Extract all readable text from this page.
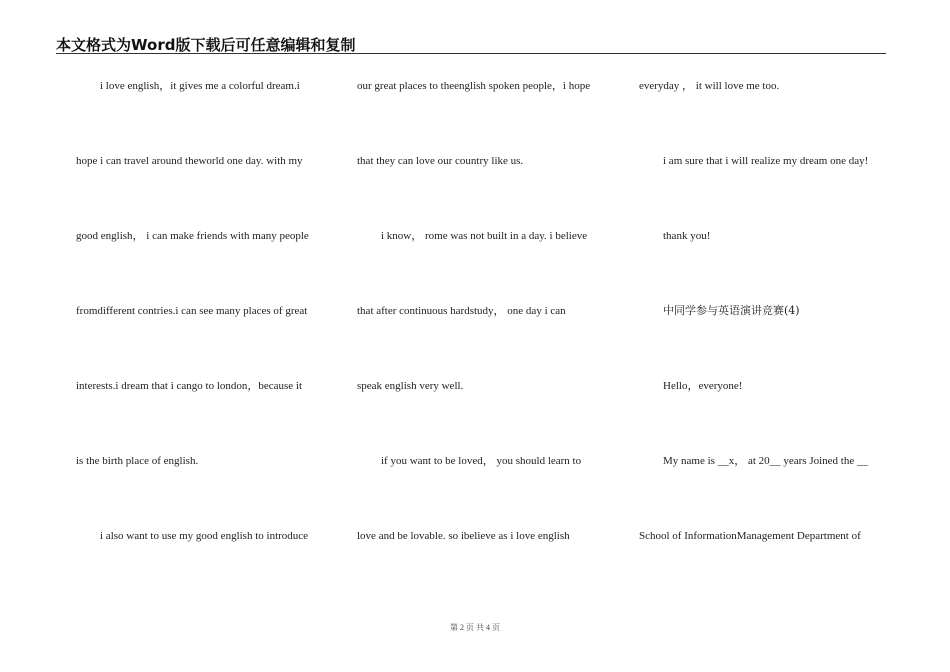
本文格式为Word版下载后可任意编辑和复制
i love english，it gives me a colorful dream.i
hope i can travel around theworld one day. with my
good english， i can make friends with many people
fromdifferent contries.i can see many places of great
interests.i dream that i cango to london，because it
is the birth place of english.
i also want to use my good english to introduce
our great places to theenglish spoken people，i hope
that they can love our country like us.
i know， rome was not built in a day. i believe
that after continuous hardstudy， one day i can
speak english very well.
if you want to be loved， you should learn to
love and be lovable. so ibelieve as i love english
everyday ， it will love me too.
i am sure that i will realize my dream one day!
thank you!
中同学参与英语演讲竞赛(4)
Hello，everyone!
My name is __x， at 20__ years Joined the __
School of InformationManagement Department of
第 2 页 共 4 页
